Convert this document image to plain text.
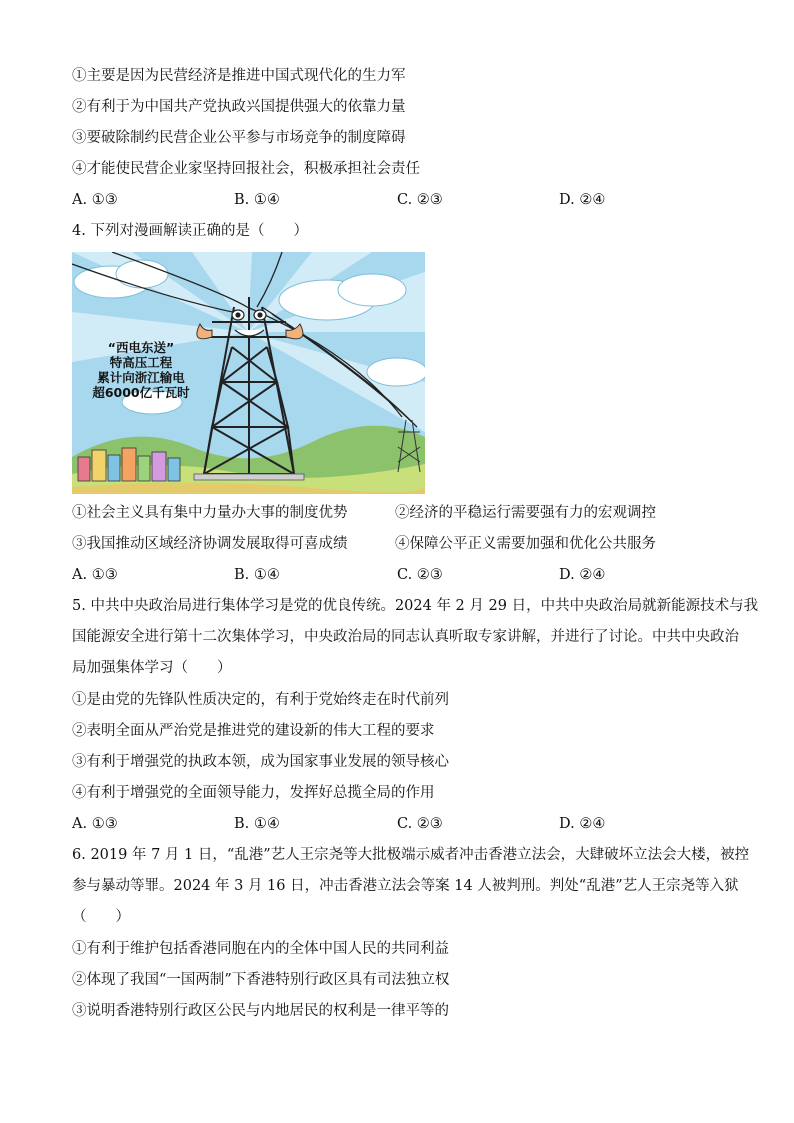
①主要是因为民营经济是推进中国式现代化的生力军
②有利于为中国共产党执政兴国提供强大的依靠力量
③要破除制约民营企业公平参与市场竞争的制度障碍
④才能使民营企业家坚持回报社会，积极承担社会责任
A. ①③	B. ①④	C. ②③	D. ②④
4. 下列对漫画解读正确的是（　　）
“西电东送”
特高压工程
累计向浙江输电
超6000亿千瓦时
①社会主义具有集中力量办大事的制度优势	②经济的平稳运行需要强有力的宏观调控
③我国推动区域经济协调发展取得可喜成绩	④保障公平正义需要加强和优化公共服务
A. ①③	B. ①④	C. ②③	D. ②④
5. 中共中央政治局进行集体学习是党的优良传统。2024 年 2 月 29 日，中共中央政治局就新能源技术与我
国能源安全进行第十二次集体学习，中央政治局的同志认真听取专家讲解，并进行了讨论。中共中央政治
局加强集体学习（　　）
①是由党的先锋队性质决定的，有利于党始终走在时代前列
②表明全面从严治党是推进党的建设新的伟大工程的要求
③有利于增强党的执政本领，成为国家事业发展的领导核心
④有利于增强党的全面领导能力，发挥好总揽全局的作用
A. ①③	B. ①④	C. ②③	D. ②④
6. 2019 年 7 月 1 日，“乱港”艺人王宗尧等大批极端示威者冲击香港立法会，大肆破坏立法会大楼，被控
参与暴动等罪。2024 年 3 月 16 日，冲击香港立法会等案 14 人被判刑。判处“乱港”艺人王宗尧等入狱
（　　）
①有利于维护包括香港同胞在内的全体中国人民的共同利益
②体现了我国“一国两制”下香港特别行政区具有司法独立权
③说明香港特别行政区公民与内地居民的权利是一律平等的
